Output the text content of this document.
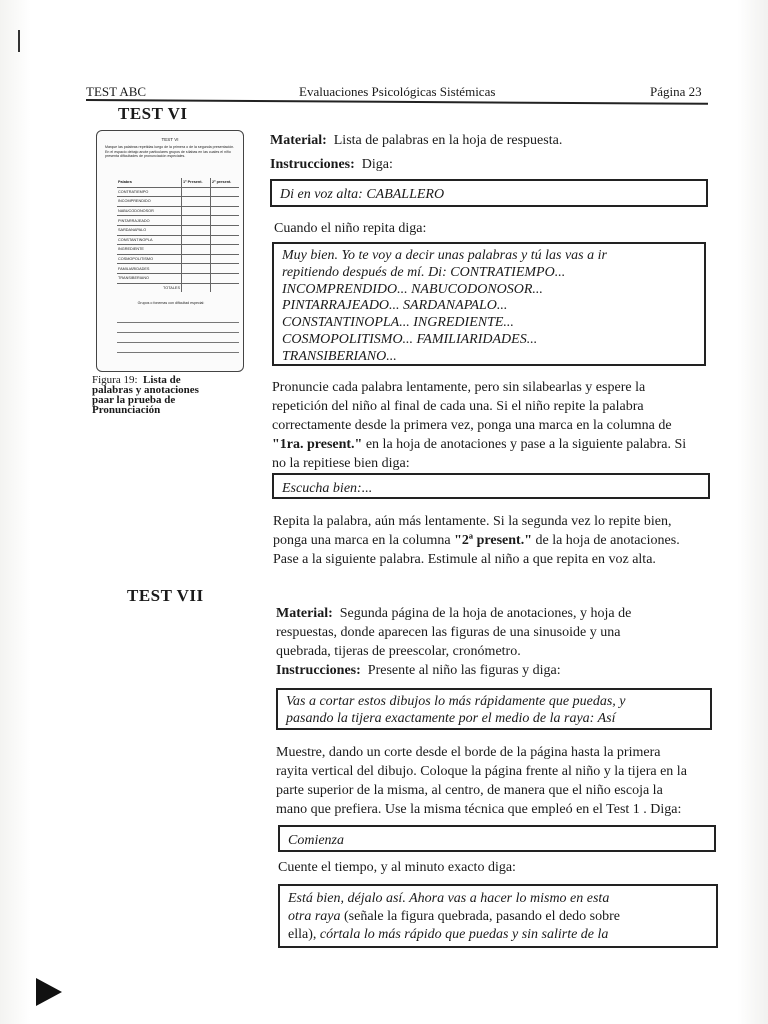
TEST ABC	Evaluaciones Psicológicas Sistémicas	Página 23
TEST VI
TEST VI
Marque las palabras repetidas luego de la primera o de la segunda presentación. En el espacio debajo anote particulares grupos de sílabas en las cuales el niño presenta dificultades de pronunciación especiales.
Palabra	1ª Present.	2ª present.
CONTRATIEMPO		
INCOMPRENDIDO		
NABUCODONOSOR		
PINTARRAJEADO		
SARDANAPALO		
CONSTANTINOPLA		
INGREDIENTE		
COSMOPOLITISMO		
FAMILIARIDADES		
TRANSIBERIANO		
TOTALES		
Grupos o fonemas con dificultad especial:
Figura 19: Lista de
palabras y anotaciones
paar la prueba de
Pronunciación
Material: Lista de palabras en la hoja de respuesta.
Instrucciones: Diga:
Di en voz alta: CABALLERO
Cuando el niño repita diga:
Muy bien. Yo te voy a decir unas palabras y tú las vas a ir
repitiendo después de mí. Di: CONTRATIEMPO...
INCOMPRENDIDO... NABUCODONOSOR...
PINTARRAJEADO... SARDANAPALO...
CONSTANTINOPLA... INGREDIENTE...
COSMOPOLITISMO... FAMILIARIDADES...
TRANSIBERIANO...
Pronuncie cada palabra lentamente, pero sin silabearlas y espere la
repetición del niño al final de cada una. Si el niño repite la palabra
correctamente desde la primera vez, ponga una marca en la columna de
"1ra. present." en la hoja de anotaciones y pase a la siguiente palabra. Si
no la repitiese bien diga:
Escucha bien:...
Repita la palabra, aún más lentamente. Si la segunda vez lo repite bien,
ponga una marca en la columna "2ª present." de la hoja de anotaciones.
Pase a la siguiente palabra. Estimule al niño a que repita en voz alta.
TEST VII
Material: Segunda página de la hoja de anotaciones, y hoja de
respuestas, donde aparecen las figuras de una sinusoide y una
quebrada, tijeras de preescolar, cronómetro.
Instrucciones: Presente al niño las figuras y diga:
Vas a cortar estos dibujos lo más rápidamente que puedas, y
pasando la tijera exactamente por el medio de la raya: Así
Muestre, dando un corte desde el borde de la página hasta la primera
rayita vertical del dibujo. Coloque la página frente al niño y la tijera en la
parte superior de la misma, al centro, de manera que el niño escoja la
mano que prefiera. Use la misma técnica que empleó en el Test 1 . Diga:
Comienza
Cuente el tiempo, y al minuto exacto diga:
Está bien, déjalo así. Ahora vas a hacer lo mismo en esta
otra raya (señale la figura quebrada, pasando el dedo sobre
ella), córtala lo más rápido que puedas y sin salirte de la
